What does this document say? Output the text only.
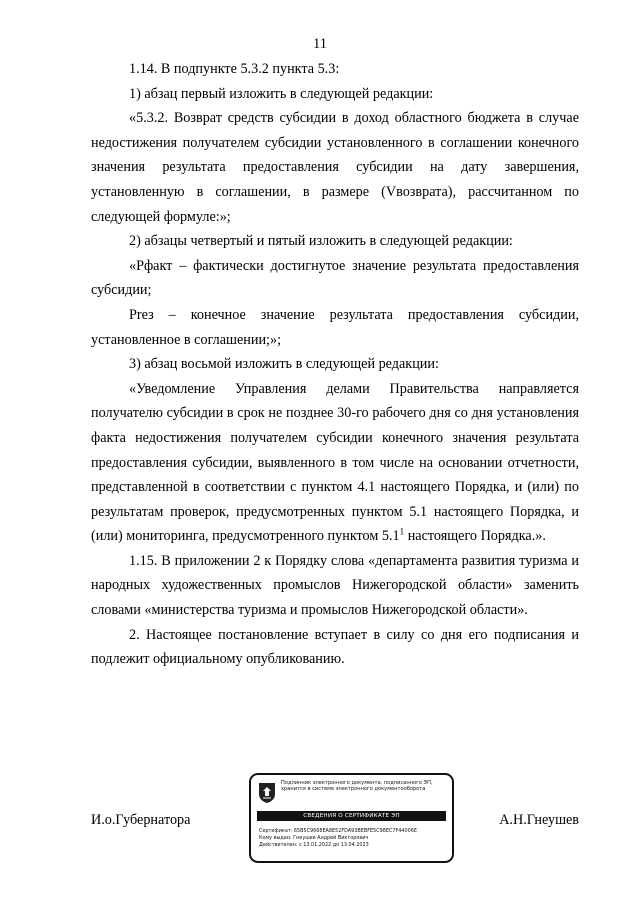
11

1.14. В подпункте 5.3.2 пункта 5.3:

1) абзац первый изложить в следующей редакции:

«5.3.2. Возврат средств субсидии в доход областного бюджета в случае недостижения получателем субсидии установленного в соглашении конечного значения результата предоставления субсидии на дату завершения, установленную в соглашении, в размере (Vвозврата), рассчитанном по следующей формуле:»;

2) абзацы четвертый и пятый изложить в следующей редакции:

«Рфакт – фактически достигнутое значение результата предоставления субсидии;

Рrез – конечное значение результата предоставления субсидии, установленное в соглашении;»;

3) абзац восьмой изложить в следующей редакции:

«Уведомление Управления делами Правительства направляется получателю субсидии в срок не позднее 30-го рабочего дня со дня установления факта недостижения получателем субсидии конечного значения результата предоставления субсидии, выявленного в том числе на основании отчетности, представленной в соответствии с пунктом 4.1 настоящего Порядка, и (или) по результатам проверок, предусмотренных пунктом 5.1 настоящего Порядка, и (или) мониторинга, предусмотренного пунктом $5.1^1$ настоящего Порядка.».

1.15. В приложении 2 к Порядку слова «департамента развития туризма и народных художественных промыслов Нижегородской области» заменить словами «министерства туризма и промыслов Нижегородской области».

2. Настоящее постановление вступает в силу со дня его подписания и подлежит официальному опубликованию.

И.о.Губернатора	А.Н.Гнеушев
Подлинник электронного документа, подписанного ЭП, хранится в системе электронного документооборота
СВЕДЕНИЯ О СЕРТИФИКАТЕ ЭП
Сертификат: 65B5C9668EA8E52FDA93BEBFE5C98EC7F44006E
Кому выдан: Гнеушев Андрей Викторович
Действителен: с 13.01.2022 до 13.04.2023
